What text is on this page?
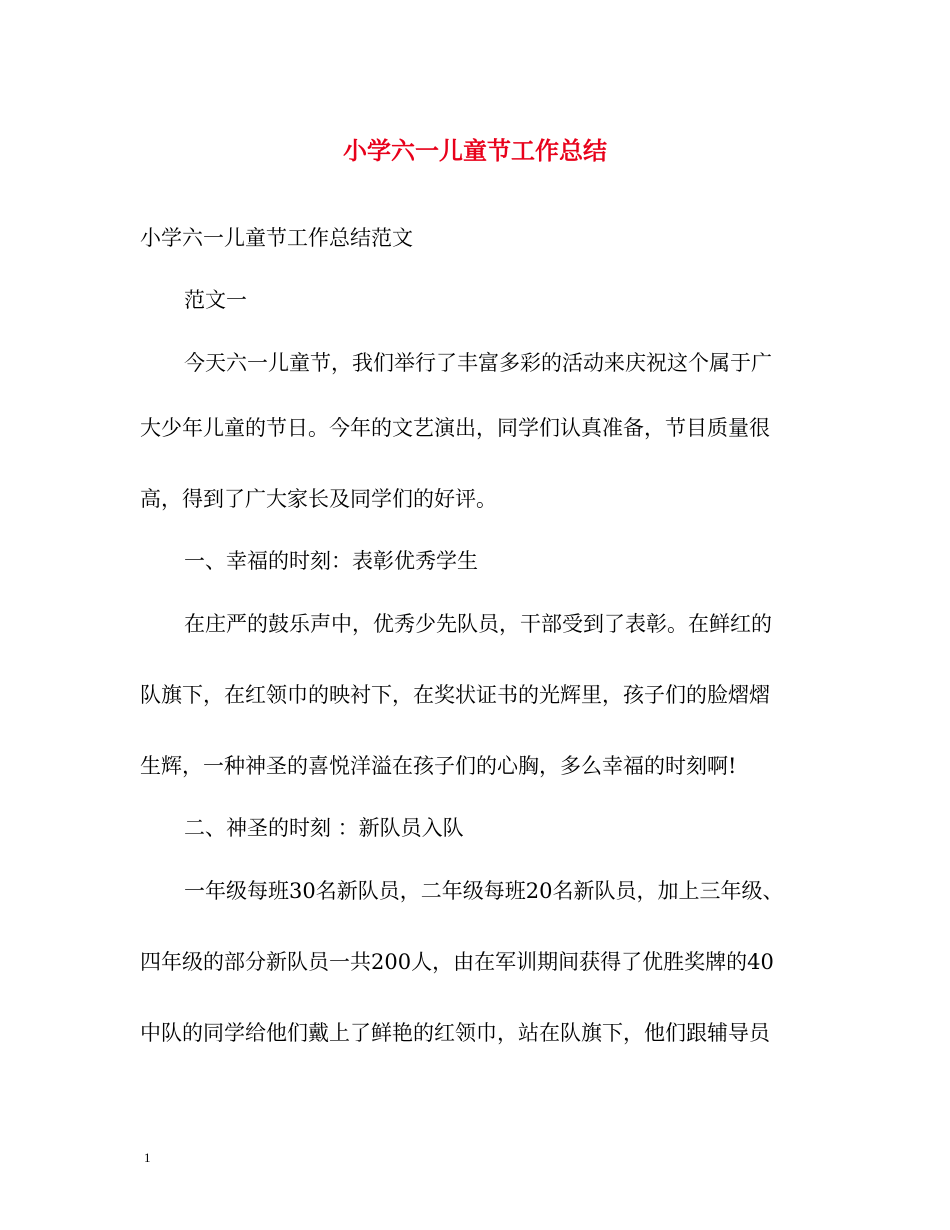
小学六一儿童节工作总结
小学六一儿童节工作总结范文
范文一
今天六一儿童节，我们举行了丰富多彩的活动来庆祝这个属于广
大少年儿童的节日。今年的文艺演出，同学们认真准备，节目质量很
高，得到了广大家长及同学们的好评。
一、幸福的时刻：表彰优秀学生
在庄严的鼓乐声中，优秀少先队员，干部受到了表彰。在鲜红的
队旗下，在红领巾的映衬下，在奖状证书的光辉里，孩子们的脸熠熠
生辉，一种神圣的喜悦洋溢在孩子们的心胸，多么幸福的时刻啊!
二、神圣的时刻 ：新队员入队
一年级每班30名新队员，二年级每班20名新队员，加上三年级、
四年级的部分新队员一共200人，由在军训期间获得了优胜奖牌的40
中队的同学给他们戴上了鲜艳的红领巾，站在队旗下，他们跟辅导员
1
